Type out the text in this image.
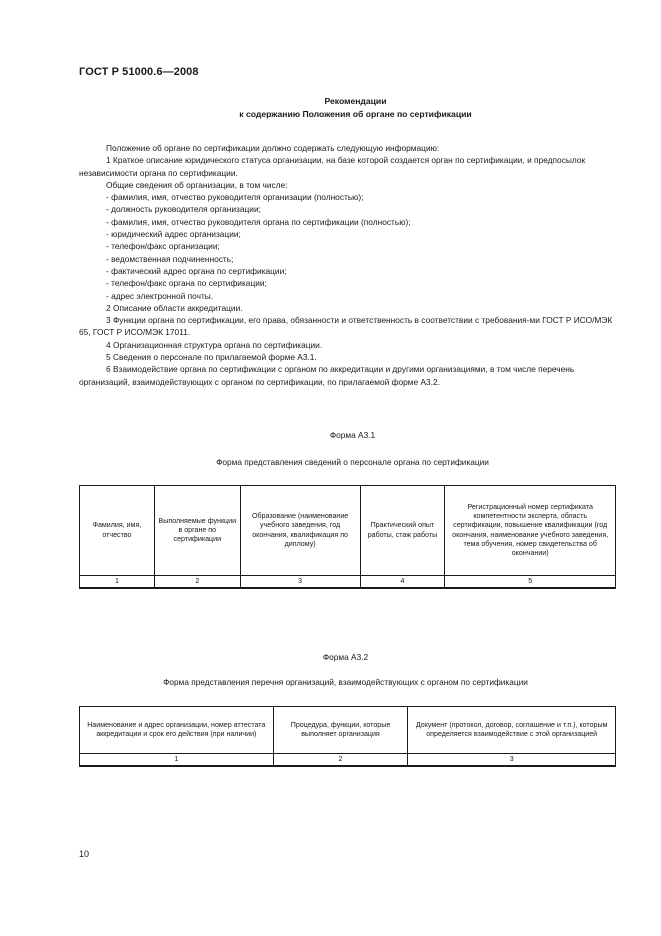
ГОСТ Р 51000.6—2008
Рекомендации
к содержанию Положения об органе по сертификации

Положение об органе по сертификации должно содержать следующую информацию:

1 Краткое описание юридического статуса организации, на базе которой создается орган по сертификации, и предпосылок независимости органа по сертификации.

Общие сведения об организации, в том числе:

- фамилия, имя, отчество руководителя организации (полностью);

- должность руководителя организации;

- фамилия, имя, отчество руководителя органа по сертификации (полностью);

- юридический адрес организации;

- телефон/факс организации;

- ведомственная подчиненность;

- фактический адрес органа по сертификации;

- телефон/факс органа по сертификации;

- адрес электронной почты.

2 Описание области аккредитации.

3 Функции органа по сертификации, его права, обязанности и ответственность в соответствии с требования-ми ГОСТ Р ИСО/МЭК 65, ГОСТ Р ИСО/МЭК 17011.

4 Организационная структура органа по сертификации.

5 Сведения о персонале по прилагаемой форме А3.1.

6 Взаимодействие органа по сертификации с органом по аккредитации и другими организациями, в том числе перечень организаций, взаимодействующих с органом по сертификации, по прилагаемой форме А3.2.

Форма А3.1
Форма представления сведений о персонале органа по сертификации
Фамилия, имя, отчество	Выполняемые функции в органе по сертификации	Образование (наименование учебного заведения, год окончания, квалификация по диплому)	Практический опыт работы, стаж работы	Регистрационный номер сертификата компетентности эксперта, область сертификации, повышение квалификации (год окончания, наименование учебного заведения, тема обучения, номер свидетельства об окончании)
1	2	3	4	5
Форма А3.2
Форма представления перечня организаций, взаимодействующих с органом по сертификации
Наименование и адрес организации, номер аттестата аккредитации и срок его действия (при наличии)	Процедура, функции, которые выполняет организация	Документ (протокол, договор, соглашение и т.п.), которым определяется взаимодействие с этой организацией
1	2	3
10
